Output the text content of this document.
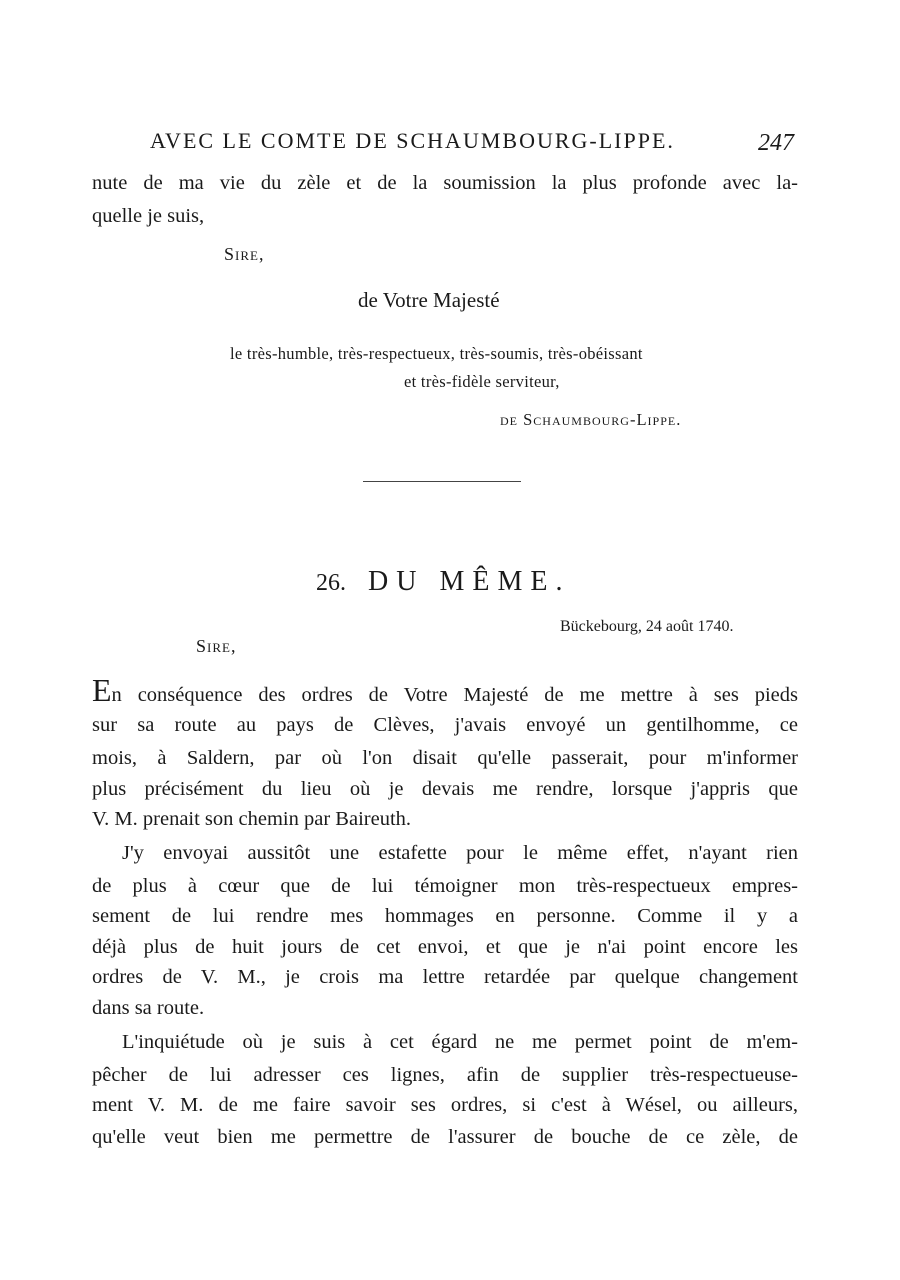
AVEC LE COMTE DE SCHAUMBOURG-LIPPE.	247

nute de ma vie du zèle et de la soumission la plus profonde avec la-

quelle je suis,

Sire,

de Votre Majesté

le très-humble, très-respectueux, très-soumis, très-obéissant

et très-fidèle serviteur,

de Schaumbourg-Lippe.

26. DU MÊME.

Bückebourg, 24 août 1740.

Sire,

En conséquence des ordres de Votre Majesté de me mettre à ses pieds

sur sa route au pays de Clèves, j'avais envoyé un gentilhomme, ce

mois, à Saldern, par où l'on disait qu'elle passerait, pour m'informer

plus précisément du lieu où je devais me rendre, lorsque j'appris que

V. M. prenait son chemin par Baireuth.

J'y envoyai aussitôt une estafette pour le même effet, n'ayant rien

de plus à cœur que de lui témoigner mon très-respectueux empres-

sement de lui rendre mes hommages en personne. Comme il y a

déjà plus de huit jours de cet envoi, et que je n'ai point encore les

ordres de V. M., je crois ma lettre retardée par quelque changement

dans sa route.

L'inquiétude où je suis à cet égard ne me permet point de m'em-

pêcher de lui adresser ces lignes, afin de supplier très-respectueuse-

ment V. M. de me faire savoir ses ordres, si c'est à Wésel, ou ailleurs,

qu'elle veut bien me permettre de l'assurer de bouche de ce zèle, de
